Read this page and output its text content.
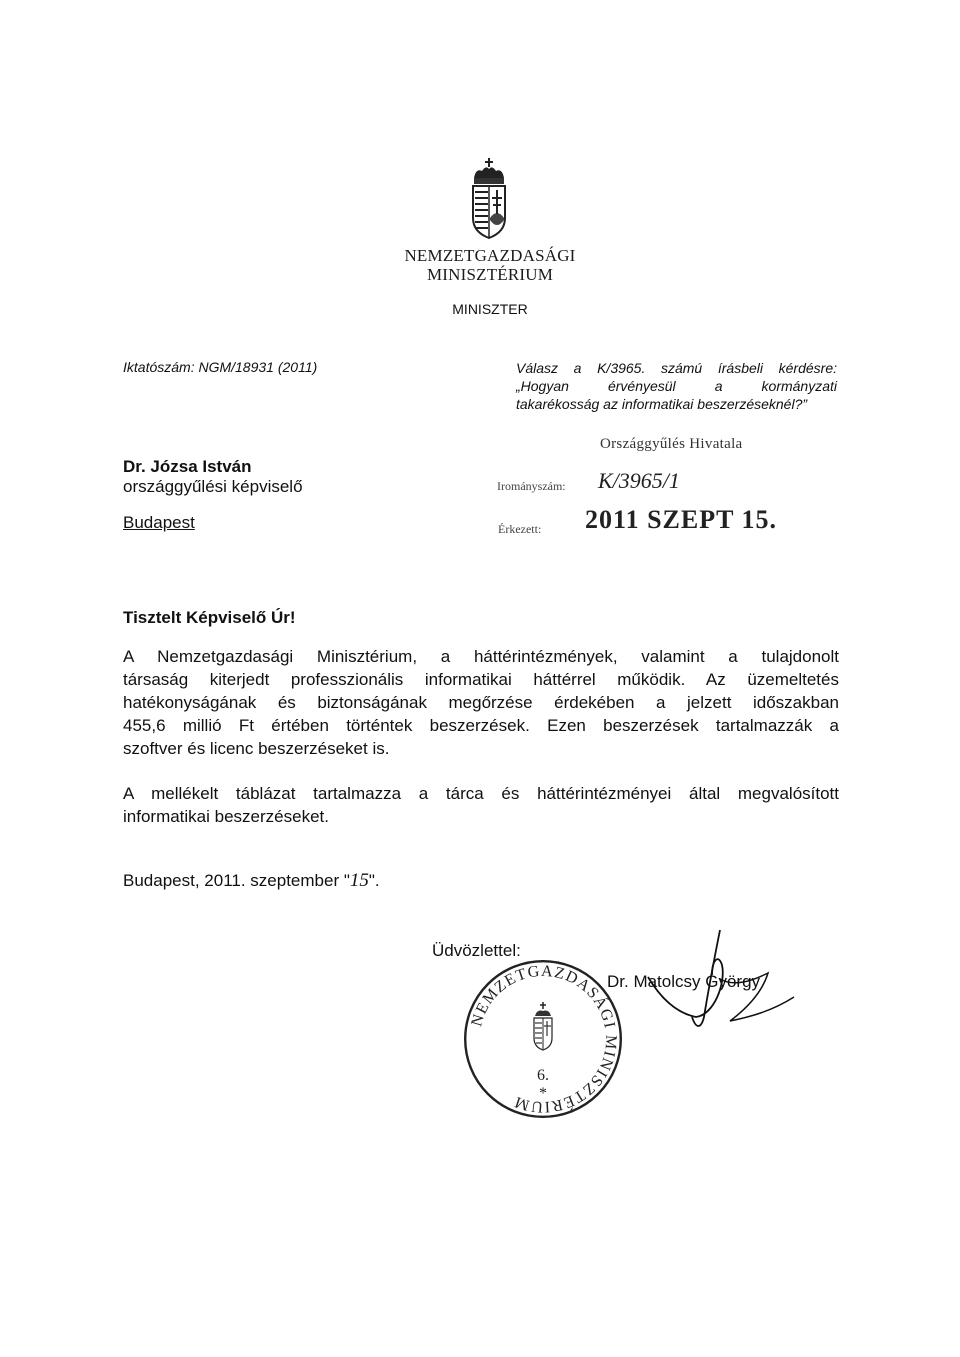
NEMZETGAZDASÁGI
MINISZTÉRIUM
MINISZTER
Iktatószám: NGM/18931 (2011)	Válasz a K/3965. számú írásbeli kérdésre:
„Hogyan érvényesül a kormányzati
takarékosság az informatikai beszerzéseknél?”
Dr. Józsa István
országgyűlési képviselő
Budapest
Országgyűlés Hivatala
Irományszám: K/3965/1
Érkezett: 2011 SZEPT 15.
Tisztelt Képviselő Úr!
A Nemzetgazdasági Minisztérium, a háttérintézmények, valamint a tulajdonolt
társaság kiterjedt professzionális informatikai háttérrel működik. Az üzemeltetés
hatékonyságának és biztonságának megőrzése érdekében a jelzett időszakban
455,6 millió Ft értében történtek beszerzések. Ezen beszerzések tartalmazzák a
szoftver és licenc beszerzéseket is.
A mellékelt táblázat tartalmazza a tárca és háttérintézményei által megvalósított
informatikai beszerzéseket.
Budapest, 2011. szeptember "15".
Üdvözlettel:
NEMZETGAZDASÁGI MINISZTÉRIUM
6.
*
Dr. Matolcsy György
